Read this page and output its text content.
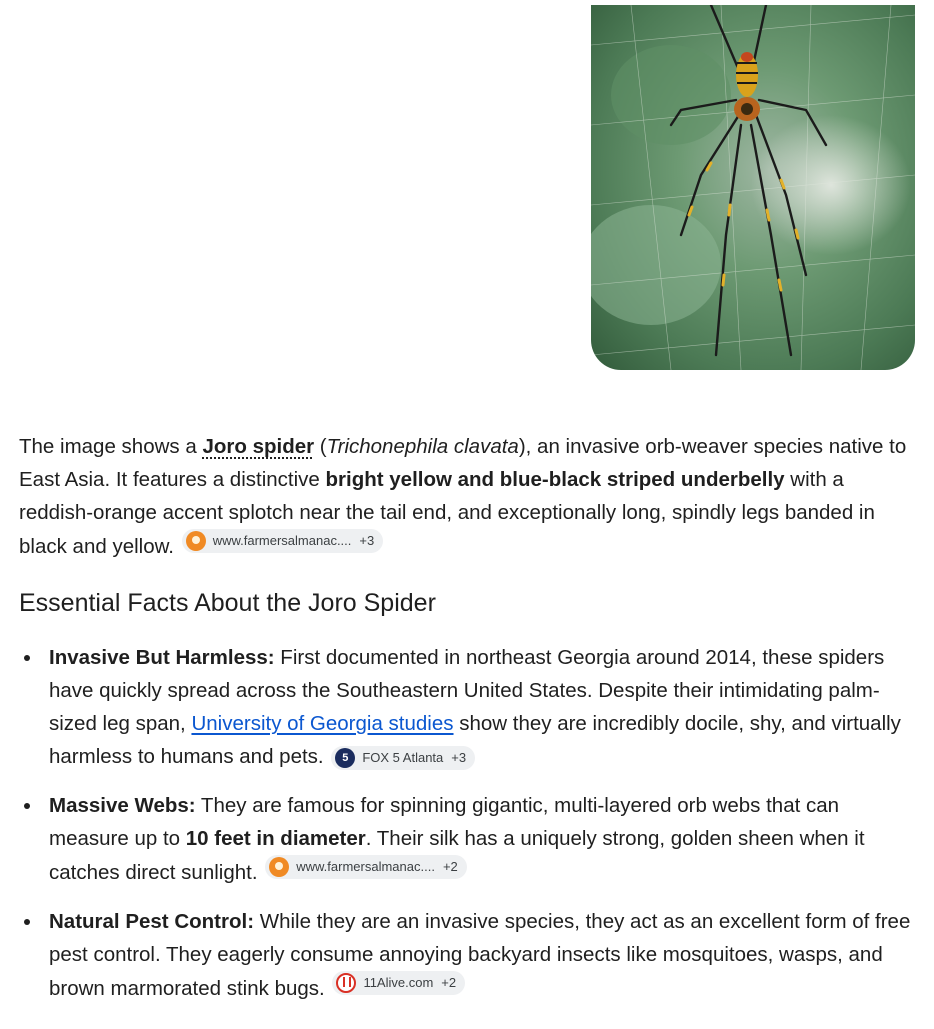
The image shows a Joro spider (Trichonephila clavata), an invasive orb-weaver species native to East Asia. It features a distinctive bright yellow and blue-black striped underbelly with a reddish-orange accent splotch near the tail end, and exceptionally long, spindly legs banded in black and yellow.	www.farmersalmanac.... +3

Essential Facts About the Joro Spider
Invasive But Harmless: First documented in northeast Georgia around 2014, these spiders have quickly spread across the Southeastern United States. Despite their intimidating palm-sized leg span, University of Georgia studies show they are incredibly docile, shy, and virtually harmless to humans and pets.	5	FOX 5 Atlanta +3
Massive Webs: They are famous for spinning gigantic, multi-layered orb webs that can measure up to 10 feet in diameter. Their silk has a uniquely strong, golden sheen when it catches direct sunlight.	www.farmersalmanac.... +2
Natural Pest Control: While they are an invasive species, they act as an excellent form of free pest control. They eagerly consume annoying backyard insects like mosquitoes, wasps, and brown marmorated stink bugs.	11Alive.com +2
